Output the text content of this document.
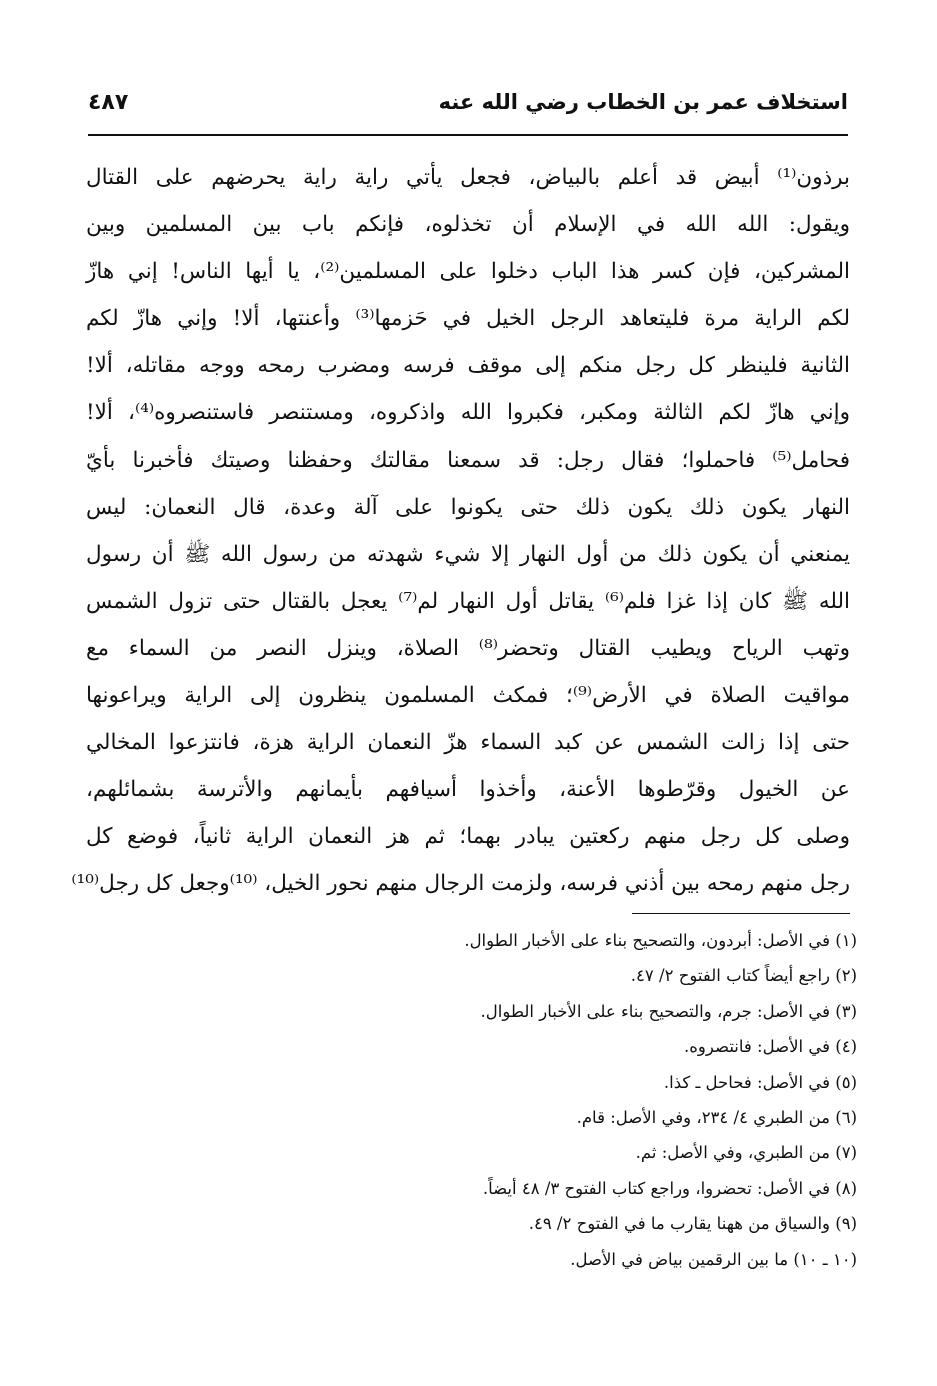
استخلاف عمر بن الخطاب رضي الله عنه
٤٨٧
برذون⁽¹⁾ أبيض قد أعلم بالبياض، فجعل يأتي راية راية يحرضهم على القتال
ويقول: الله الله في الإسلام أن تخذلوه، فإنكم باب بين المسلمين وبين
المشركين، فإن كسر هذا الباب دخلوا على المسلمين⁽²⁾، يا أيها الناس! إني هازّ
لكم الراية مرة فليتعاهد الرجل الخيل في حَزمها⁽³⁾ وأعنتها، ألا! وإني هازّ لكم
الثانية فلينظر كل رجل منكم إلى موقف فرسه ومضرب رمحه ووجه مقاتله، ألا!
وإني هازّ لكم الثالثة ومكبر، فكبروا الله واذكروه، ومستنصر فاستنصروه⁽⁴⁾، ألا!
فحامل⁽⁵⁾ فاحملوا؛ فقال رجل: قد سمعنا مقالتك وحفظنا وصيتك فأخبرنا بأيّ
النهار يكون ذلك يكون ذلك حتى يكونوا على آلة وعدة، قال النعمان: ليس
يمنعني أن يكون ذلك من أول النهار إلا شيء شهدته من رسول الله ﷺ أن رسول
الله ﷺ كان إذا غزا فلم⁽⁶⁾ يقاتل أول النهار لم⁽⁷⁾ يعجل بالقتال حتى تزول الشمس
وتهب الرياح ويطيب القتال وتحضر⁽⁸⁾ الصلاة، وينزل النصر من السماء مع
مواقيت الصلاة في الأرض⁽⁹⁾؛ فمكث المسلمون ينظرون إلى الراية ويراعونها
حتى إذا زالت الشمس عن كبد السماء هزّ النعمان الراية هزة، فانتزعوا المخالي
عن الخيول وقرّطوها الأعنة، وأخذوا أسيافهم بأيمانهم والأترسة بشمائلهم،
وصلى كل رجل منهم ركعتين يبادر بهما؛ ثم هز النعمان الراية ثانياً، فوضع كل
رجل منهم رمحه بين أذني فرسه، ولزمت الرجال منهم نحور الخيل، ⁽¹⁰⁾وجعل كل رجل⁽¹⁰⁾
(١) في الأصل: أبردون، والتصحيح بناء على الأخبار الطوال.
(٢) راجع أيضاً كتاب الفتوح ٢/ ٤٧.
(٣) في الأصل: جرم، والتصحيح بناء على الأخبار الطوال.
(٤) في الأصل: فانتصروه.
(٥) في الأصل: فحاحل ـ كذا.
(٦) من الطبري ٤/ ٢٣٤، وفي الأصل: قام.
(٧) من الطبري، وفي الأصل: ثم.
(٨) في الأصل: تحضروا، وراجع كتاب الفتوح ٣/ ٤٨ أيضاً.
(٩) والسياق من ههنا يقارب ما في الفتوح ٢/ ٤٩.
(١٠ ـ ١٠) ما بين الرقمين بياض في الأصل.
